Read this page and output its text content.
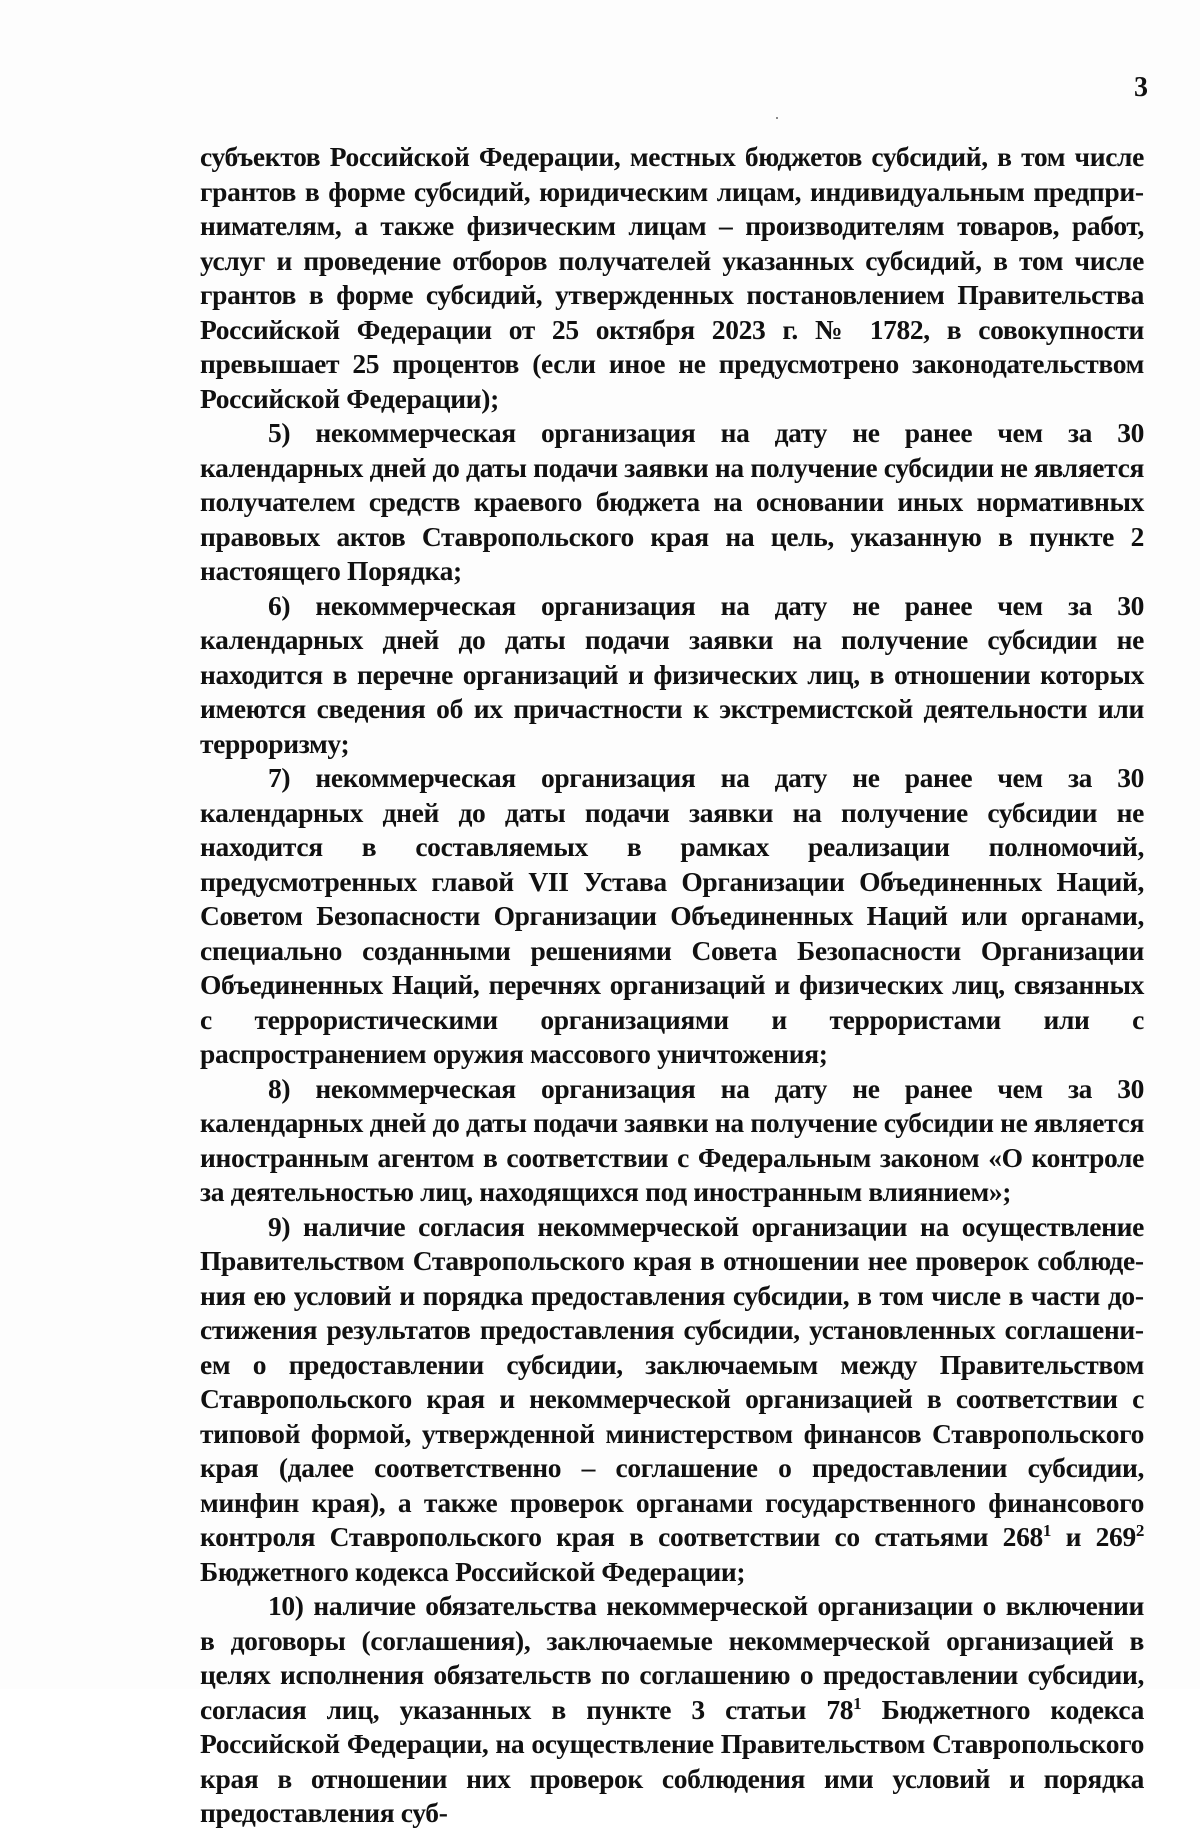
3

субъектов Российской Федерации, местных бюджетов субсидий, в том числе грантов в форме субсидий, юридическим лицам, индивидуальным предпринимателям, а также физическим лицам – производителям товаров, работ, услуг и проведение отборов получателей указанных субсидий, в том числе грантов в форме субсидий, утвержденных постановлением Правительства Российской Федерации от 25 октября 2023 г. № 1782, в совокупности превышает 25 процентов (если иное не предусмотрено законодательством Российской Федерации);

5) некоммерческая организация на дату не ранее чем за 30 календарных дней до даты подачи заявки на получение субсидии не является получателем средств краевого бюджета на основании иных нормативных правовых актов Ставропольского края на цель, указанную в пункте 2 настоящего Порядка;

6) некоммерческая организация на дату не ранее чем за 30 календарных дней до даты подачи заявки на получение субсидии не находится в перечне организаций и физических лиц, в отношении которых имеются сведения об их причастности к экстремистской деятельности или терроризму;

7) некоммерческая организация на дату не ранее чем за 30 календарных дней до даты подачи заявки на получение субсидии не находится в составляемых в рамках реализации полномочий, предусмотренных главой VII Устава Организации Объединенных Наций, Советом Безопасности Организации Объединенных Наций или органами, специально созданными решениями Совета Безопасности Организации Объединенных Наций, перечнях организаций и физических лиц, связанных с террористическими организациями и террористами или с распространением оружия массового уничтожения;

8) некоммерческая организация на дату не ранее чем за 30 календарных дней до даты подачи заявки на получение субсидии не является иностранным агентом в соответствии с Федеральным законом «О контроле за деятельностью лиц, находящихся под иностранным влиянием»;

9) наличие согласия некоммерческой организации на осуществление Правительством Ставропольского края в отношении нее проверок соблюдения ею условий и порядка предоставления субсидии, в том числе в части достижения результатов предоставления субсидии, установленных соглашением о предоставлении субсидии, заключаемым между Правительством Ставропольского края и некоммерческой организацией в соответствии с типовой формой, утвержденной министерством финансов Ставропольского края (далее соответственно – соглашение о предоставлении субсидии, минфин края), а также проверок органами государственного финансового контроля Ставропольского края в соответствии со статьями $268^1$ и $269^2$ Бюджетного кодекса Российской Федерации;

10) наличие обязательства некоммерческой организации о включении в договоры (соглашения), заключаемые некоммерческой организацией в целях исполнения обязательств по соглашению о предоставлении субсидии, согласия лиц, указанных в пункте 3 статьи $78^1$ Бюджетного кодекса Российской Федерации, на осуществление Правительством Ставропольского края в отношении них проверок соблюдения ими условий и порядка предоставления суб-
